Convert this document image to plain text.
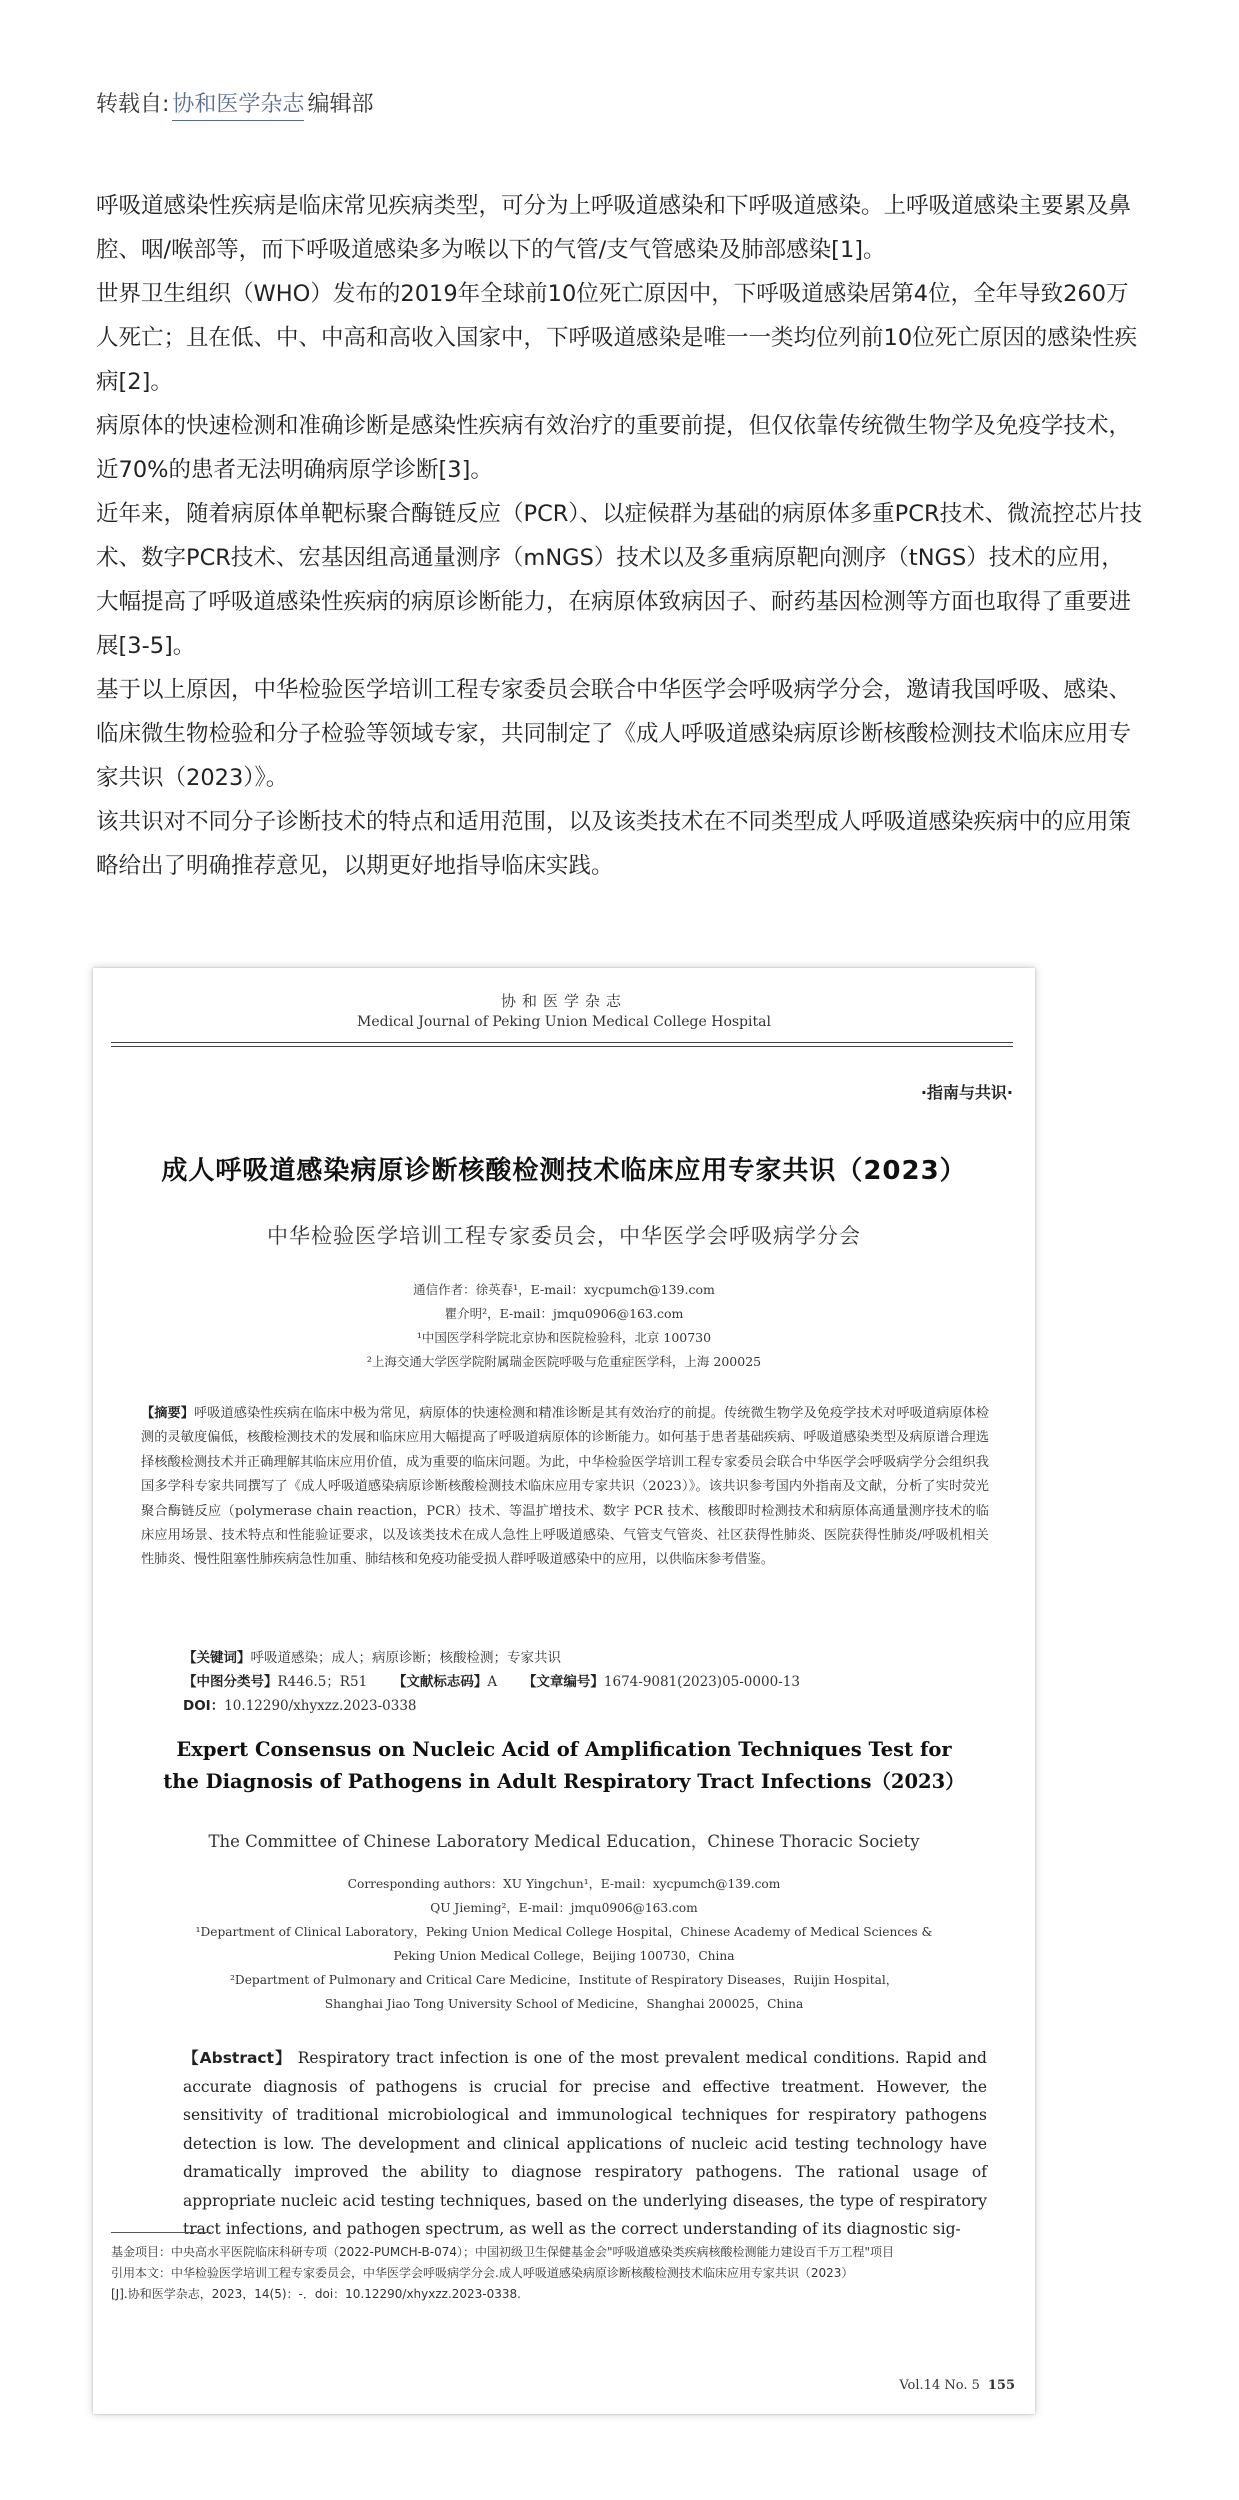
转载自: 协和医学杂志 编辑部

呼吸道感染性疾病是临床常见疾病类型，可分为上呼吸道感染和下呼吸道感染。上呼吸道感染主要累及鼻腔、咽/喉部等，而下呼吸道感染多为喉以下的气管/支气管感染及肺部感染[1]。

世界卫生组织（WHO）发布的2019年全球前10位死亡原因中，下呼吸道感染居第4位，全年导致260万人死亡；且在低、中、中高和高收入国家中，下呼吸道感染是唯一一类均位列前10位死亡原因的感染性疾病[2]。

病原体的快速检测和准确诊断是感染性疾病有效治疗的重要前提，但仅依靠传统微生物学及免疫学技术，近70%的患者无法明确病原学诊断[3]。

近年来，随着病原体单靶标聚合酶链反应（PCR）、以症候群为基础的病原体多重PCR技术、微流控芯片技术、数字PCR技术、宏基因组高通量测序（mNGS）技术以及多重病原靶向测序（tNGS）技术的应用，大幅提高了呼吸道感染性疾病的病原诊断能力，在病原体致病因子、耐药基因检测等方面也取得了重要进展[3-5]。

基于以上原因，中华检验医学培训工程专家委员会联合中华医学会呼吸病学分会，邀请我国呼吸、感染、临床微生物检验和分子检验等领域专家，共同制定了《成人呼吸道感染病原诊断核酸检测技术临床应用专家共识（2023）》。

该共识对不同分子诊断技术的特点和适用范围，以及该类技术在不同类型成人呼吸道感染疾病中的应用策略给出了明确推荐意见，以期更好地指导临床实践。

协和医学杂志
Medical Journal of Peking Union Medical College Hospital
·指南与共识·
成人呼吸道感染病原诊断核酸检测技术临床应用专家共识（2023）
中华检验医学培训工程专家委员会，中华医学会呼吸病学分会
通信作者：徐英春¹，E-mail：xycpumch@139.com
瞿介明²，E-mail：jmqu0906@163.com
¹中国医学科学院北京协和医院检验科，北京 100730
²上海交通大学医学院附属瑞金医院呼吸与危重症医学科，上海 200025
【摘要】呼吸道感染性疾病在临床中极为常见，病原体的快速检测和精准诊断是其有效治疗的前提。传统微生物学及免疫学技术对呼吸道病原体检测的灵敏度偏低，核酸检测技术的发展和临床应用大幅提高了呼吸道病原体的诊断能力。如何基于患者基础疾病、呼吸道感染类型及病原谱合理选择核酸检测技术并正确理解其临床应用价值，成为重要的临床问题。为此，中华检验医学培训工程专家委员会联合中华医学会呼吸病学分会组织我国多学科专家共同撰写了《成人呼吸道感染病原诊断核酸检测技术临床应用专家共识（2023）》。该共识参考国内外指南及文献，分析了实时荧光聚合酶链反应（polymerase chain reaction，PCR）技术、等温扩增技术、数字 PCR 技术、核酸即时检测技术和病原体高通量测序技术的临床应用场景、技术特点和性能验证要求，以及该类技术在成人急性上呼吸道感染、气管支气管炎、社区获得性肺炎、医院获得性肺炎/呼吸机相关性肺炎、慢性阻塞性肺疾病急性加重、肺结核和免疫功能受损人群呼吸道感染中的应用，以供临床参考借鉴。
【关键词】呼吸道感染；成人；病原诊断；核酸检测；专家共识
【中图分类号】R446.5；R51 【文献标志码】A 【文章编号】1674-9081(2023)05-0000-13
DOI：10.12290/xhyxzz.2023-0338
Expert Consensus on Nucleic Acid of Amplification Techniques Test for
the Diagnosis of Pathogens in Adult Respiratory Tract Infections（2023）
The Committee of Chinese Laboratory Medical Education，Chinese Thoracic Society
Corresponding authors：XU Yingchun¹，E-mail：xycpumch@139.com
QU Jieming²，E-mail：jmqu0906@163.com
¹Department of Clinical Laboratory，Peking Union Medical College Hospital，Chinese Academy of Medical Sciences &
Peking Union Medical College，Beijing 100730，China
²Department of Pulmonary and Critical Care Medicine，Institute of Respiratory Diseases，Ruijin Hospital，
Shanghai Jiao Tong University School of Medicine，Shanghai 200025，China
【Abstract】 Respiratory tract infection is one of the most prevalent medical conditions. Rapid and accurate diagnosis of pathogens is crucial for precise and effective treatment. However, the sensitivity of traditional microbiological and immunological techniques for respiratory pathogens detection is low. The development and clinical applications of nucleic acid testing technology have dramatically improved the ability to diagnose respiratory pathogens. The rational usage of appropriate nucleic acid testing techniques, based on the underlying diseases, the type of respiratory tract infections, and pathogen spectrum, as well as the correct understanding of its diagnostic sig-
基金项目：中央高水平医院临床科研专项（2022-PUMCH-B-074）；中国初级卫生保健基金会"呼吸道感染类疾病核酸检测能力建设百千万工程"项目
引用本文：中华检验医学培训工程专家委员会，中华医学会呼吸病学分会.成人呼吸道感染病原诊断核酸检测技术临床应用专家共识（2023）
[J].协和医学杂志，2023，14(5)：-．doi：10.12290/xhyxzz.2023-0338.
Vol.14 No. 5 155
